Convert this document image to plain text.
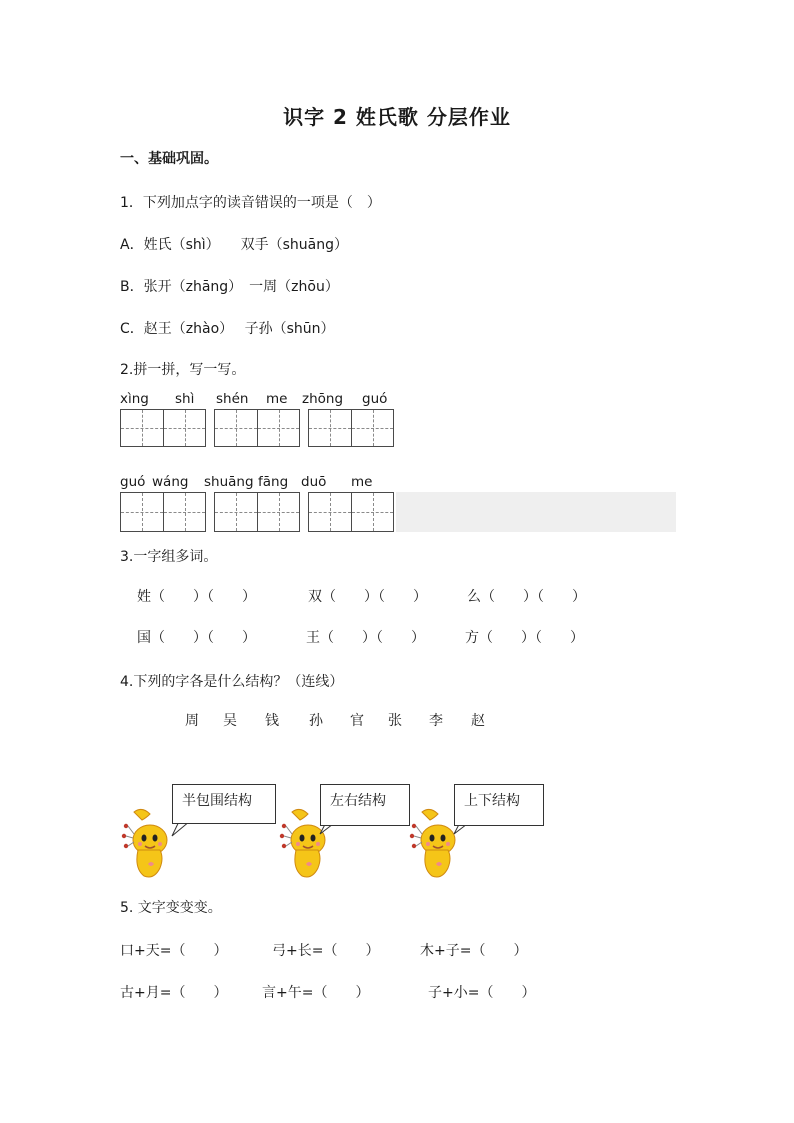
识字 2 姓氏歌 分层作业
一、基础巩固。
1．下列加点字的读音错误的一项是（　）
A．姓氏（shì）　　双手（shuāng）
B．张开（zhāng）　一周（zhōu）
C．赵王（zhào）　 子孙（shūn）
2.拼一拼，写一写。
xìng shì shén me zhōng guó
guó wáng shuāng fāng duō me
3.一字组多词。
姓（　　）（　　）	双（　　）（　　）	么（　　）（　　）
国（　　）（　　）	王（　　）（　　）	方（　　）（　　）
4.下列的字各是什么结构？（连线）
周 吴 钱 孙 官 张 李 赵
半包围结构	左右结构	上下结构
5. 文字变变变。
口+天=（　　）	弓+长=（　　）	木+子=（　　）
古+月=（　　） 言+午=（　　）	子+小=（　　）
